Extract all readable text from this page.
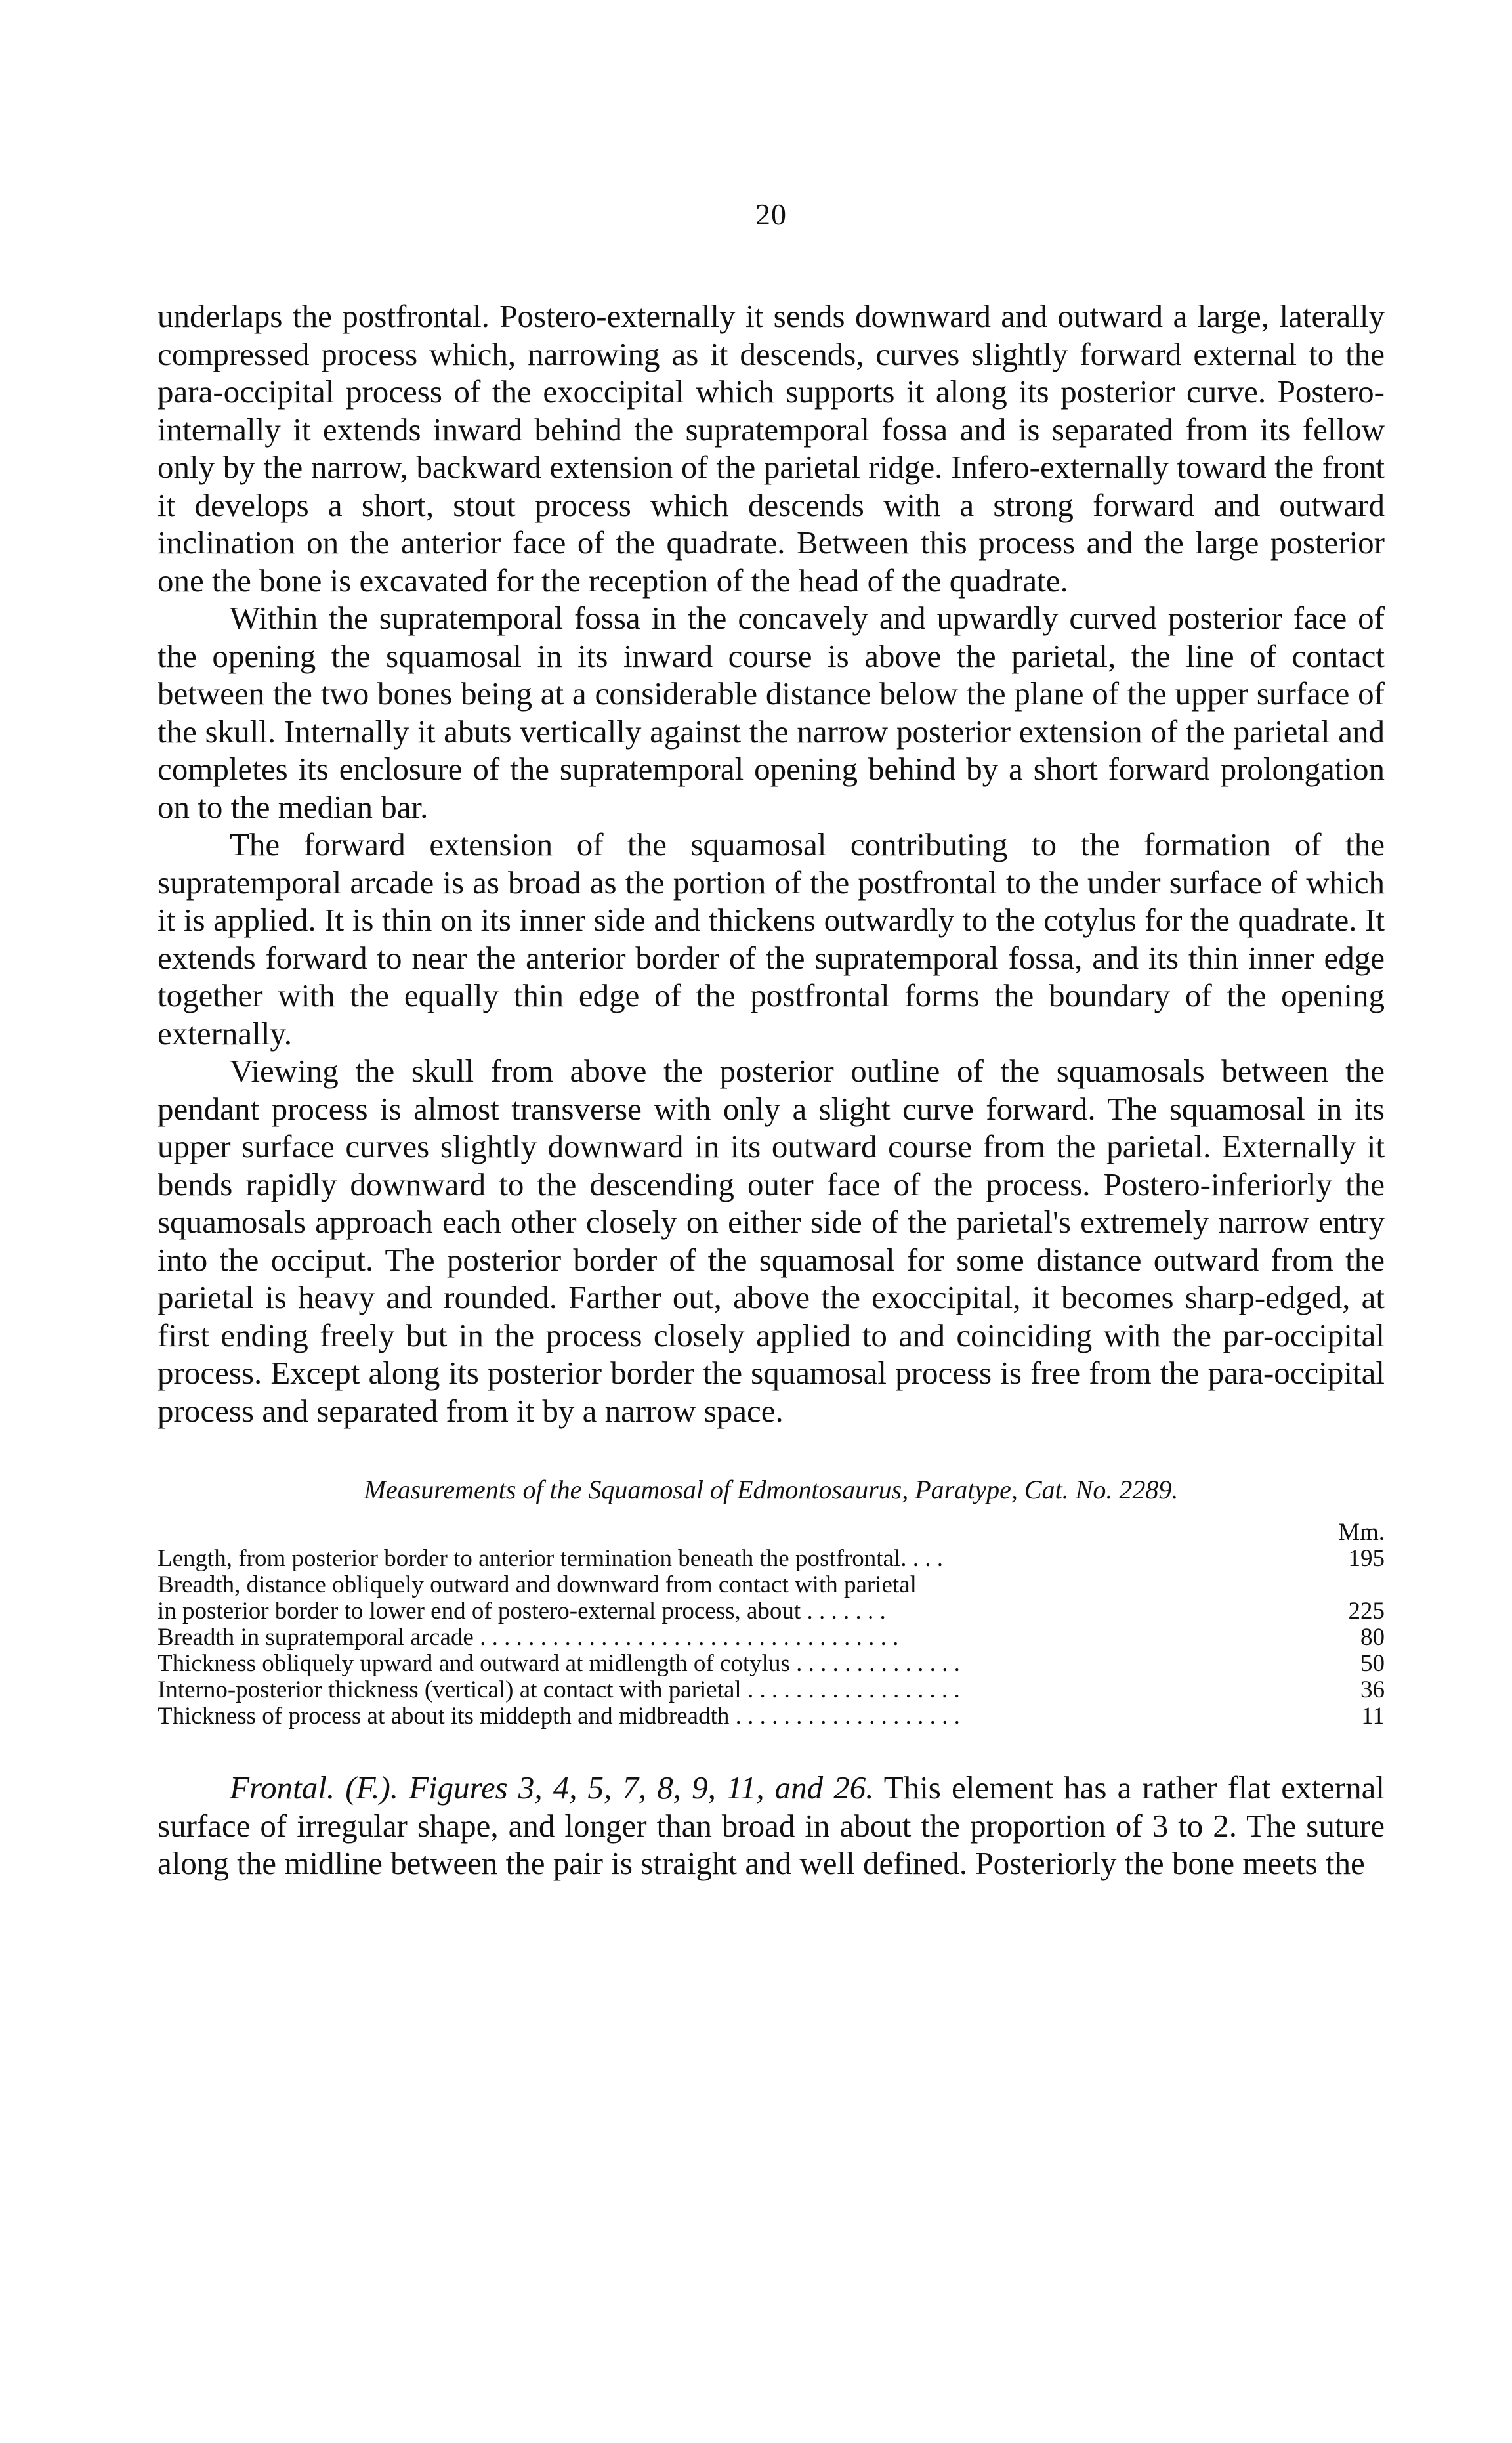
20

underlaps the postfrontal. Postero-externally it sends downward and outward a large, laterally compressed process which, narrowing as it descends, curves slightly forward external to the para-occipital process of the exoccipital which supports it along its posterior curve. Postero-internally it extends inward behind the supratemporal fossa and is separated from its fellow only by the narrow, backward extension of the parietal ridge. Infero-externally toward the front it develops a short, stout process which descends with a strong forward and outward inclination on the anterior face of the quadrate. Between this process and the large posterior one the bone is excavated for the reception of the head of the quadrate.

Within the supratemporal fossa in the concavely and upwardly curved posterior face of the opening the squamosal in its inward course is above the parietal, the line of contact between the two bones being at a considerable distance below the plane of the upper surface of the skull. Internally it abuts vertically against the narrow posterior extension of the parietal and completes its enclosure of the supratemporal opening behind by a short forward prolongation on to the median bar.

The forward extension of the squamosal contributing to the formation of the supratemporal arcade is as broad as the portion of the postfrontal to the under surface of which it is applied. It is thin on its inner side and thickens outwardly to the cotylus for the quadrate. It extends forward to near the anterior border of the supratemporal fossa, and its thin inner edge together with the equally thin edge of the postfrontal forms the boundary of the opening externally.

Viewing the skull from above the posterior outline of the squamosals between the pendant process is almost transverse with only a slight curve forward. The squamosal in its upper surface curves slightly downward in its outward course from the parietal. Externally it bends rapidly downward to the descending outer face of the process. Postero-inferiorly the squamosals approach each other closely on either side of the parietal's extremely narrow entry into the occiput. The posterior border of the squamosal for some distance outward from the parietal is heavy and rounded. Farther out, above the exoccipital, it becomes sharp-edged, at first ending freely but in the process closely applied to and coinciding with the par-occipital process. Except along its posterior border the squamosal process is free from the para-occipital process and separated from it by a narrow space.

Measurements of the Squamosal of Edmontosaurus, Paratype, Cat. No. 2289.
	Mm.
Length, from posterior border to anterior termination beneath the postfrontal. . . .	195
Breadth, distance obliquely outward and downward from contact with parietal	
in posterior border to lower end of postero-external process, about . . . . . . .	225
Breadth in supratemporal arcade . . . . . . . . . . . . . . . . . . . . . . . . . . . . . . . . . . .	80
Thickness obliquely upward and outward at midlength of cotylus . . . . . . . . . . . . . .	50
Interno-posterior thickness (vertical) at contact with parietal . . . . . . . . . . . . . . . . . .	36
Thickness of process at about its middepth and midbreadth . . . . . . . . . . . . . . . . . . .	11

Frontal. (F.). Figures 3, 4, 5, 7, 8, 9, 11, and 26. This element has a rather flat external surface of irregular shape, and longer than broad in about the proportion of 3 to 2. The suture along the midline between the pair is straight and well defined. Posteriorly the bone meets the
